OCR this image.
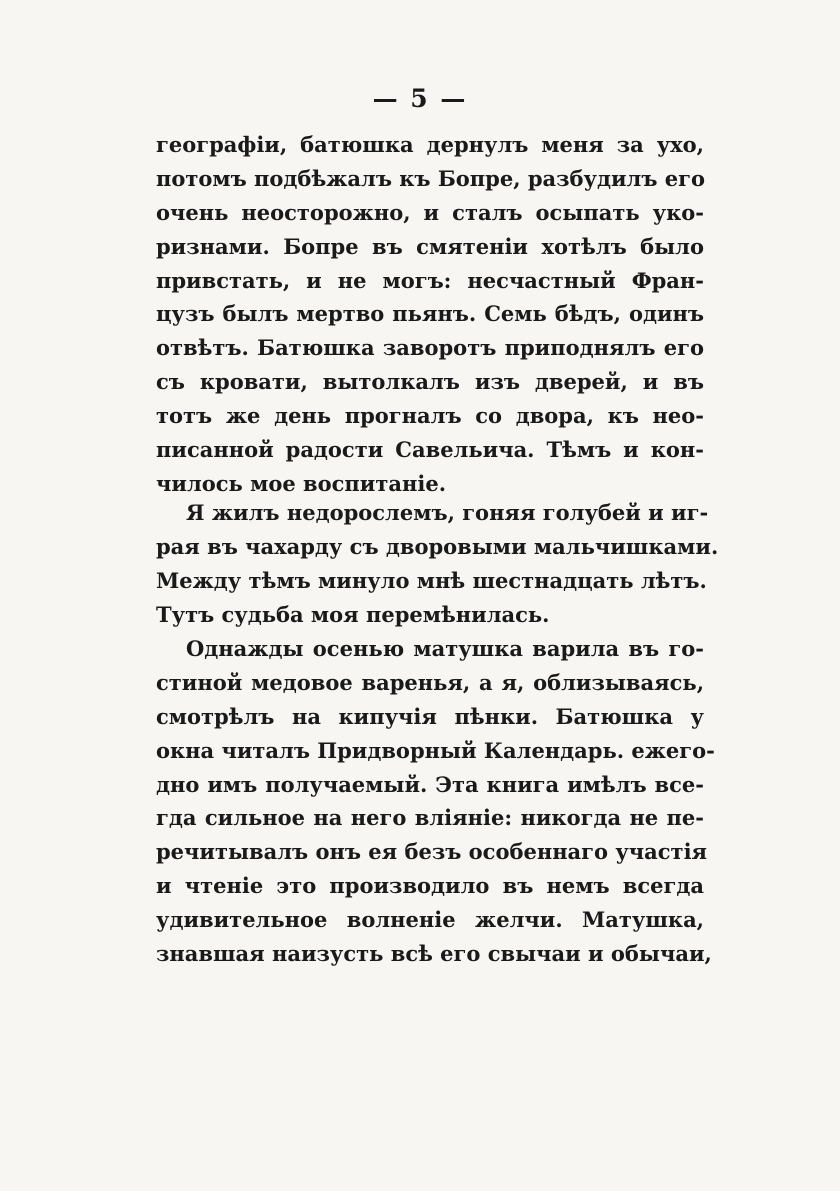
— 5 —
географіи, батюшка дернулъ меня за ухо,
потомъ подбѣжалъ къ Бопре, разбудилъ его
очень неосторожно, и сталъ осыпать уко-
ризнами. Бопре въ смятеніи хотѣлъ было
привстать, и не могъ: несчастный Фран-
цузъ былъ мертво пьянъ. Семь бѣдъ, одинъ
отвѣтъ. Батюшка заворотъ приподнялъ его
съ кровати, вытолкалъ изъ дверей, и въ
тотъ же день прогналъ со двора, къ нео-
писанной радости Савельича. Тѣмъ и кон-
чилось мое воспитаніе.
Я жилъ недорослемъ, гоняя голубей и иг-
рая въ чахарду съ дворовыми мальчишками.
Между тѣмъ минуло мнѣ шестнадцать лѣтъ.
Тутъ судьба моя перемѣнилась.
Однажды осенью матушка варила въ го-
стиной медовое варенья, а я, облизываясь,
смотрѣлъ на кипучія пѣнки. Батюшка у
окна читалъ Придворный Календарь. ежего-
дно имъ получаемый. Эта книга имѣлъ все-
гда сильное на него вліяніе: никогда не пе-
речитывалъ онъ ея безъ особеннаго участія
и чтеніе это производило въ немъ всегда
удивительное волненіе желчи. Матушка,
знавшая наизусть всѣ его свычаи и обычаи,
